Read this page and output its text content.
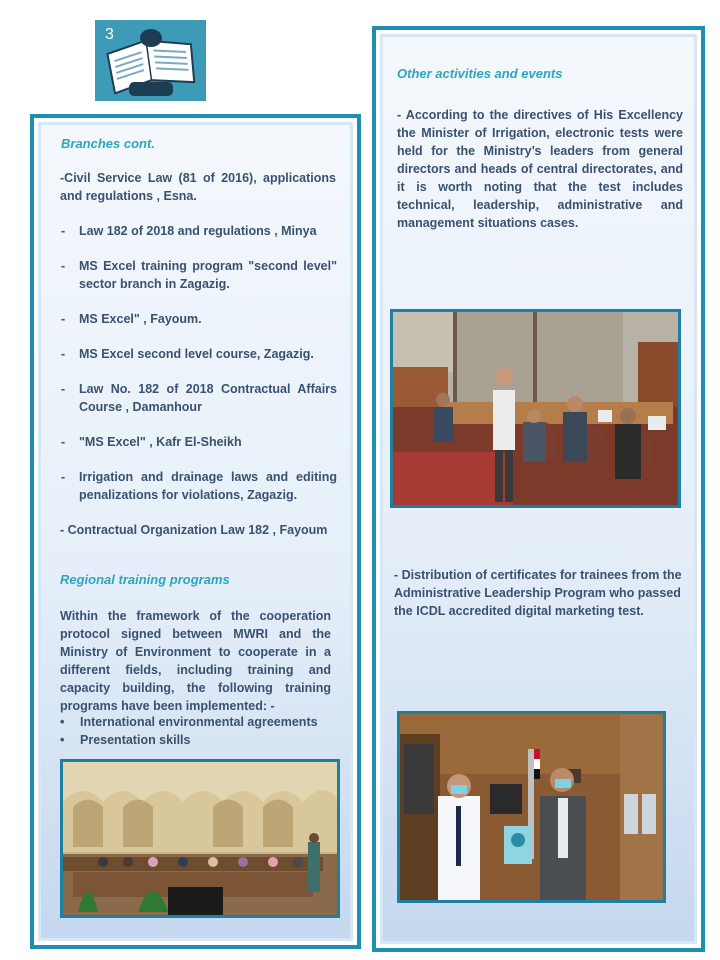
3

Branches cont.

-Civil Service Law (81 of 2016), applications and regulations , Esna.

- Law 182 of 2018 and regulations , Minya
- MS Excel training program "second level" sector branch in Zagazig.
- MS Excel" , Fayoum.
- MS Excel second level course, Zagazig.
- Law No. 182 of 2018 Contractual Affairs Course , Damanhour
- "MS Excel" , Kafr El-Sheikh
- Irrigation and drainage laws and editing penalizations for violations, Zagazig.

- Contractual Organization Law 182 , Fayoum

Regional training programs

Within the framework of the cooperation protocol signed between MWRI and the Ministry of Environment to cooperate in a different fields, including training and capacity building, the following training programs have been implemented: -

• International environmental agreements
• Presentation skills

Other activities and events

- According to the directives of His Excellency the Minister of Irrigation, electronic tests were held for the Ministry’s leaders from general directors and heads of central directorates, and it is worth noting that the test includes technical, leadership, administrative and management situations cases.

- Distribution of certificates for trainees from the Administrative Leadership Program who passed the ICDL accredited digital marketing test.
